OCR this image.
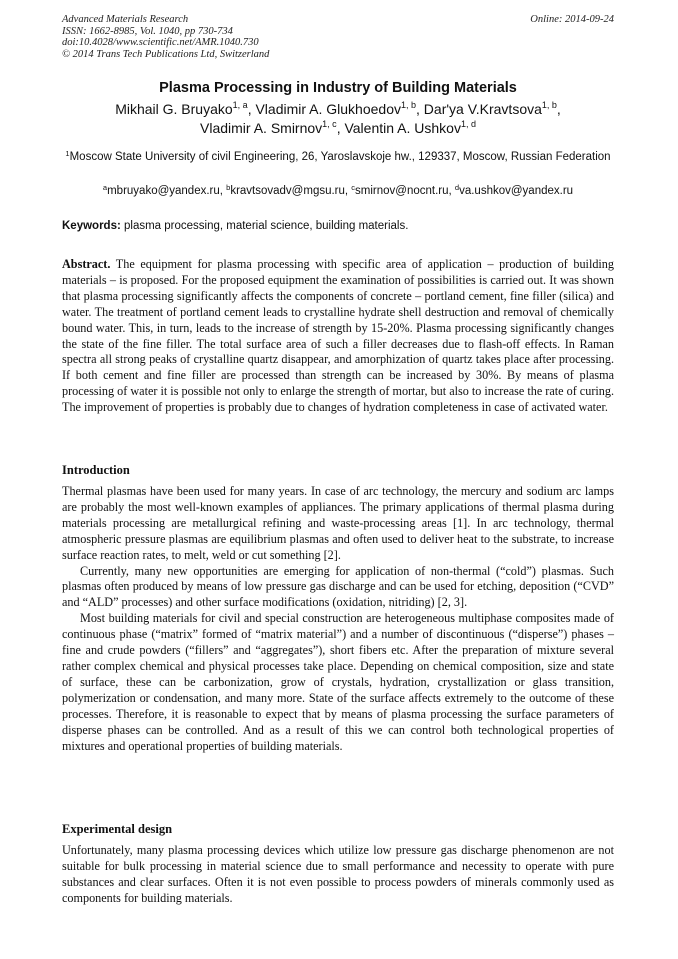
Advanced Materials Research
ISSN: 1662-8985, Vol. 1040, pp 730-734
doi:10.4028/www.scientific.net/AMR.1040.730
© 2014 Trans Tech Publications Ltd, Switzerland
Online: 2014-09-24
Plasma Processing in Industry of Building Materials
Mikhail G. Bruyako$^{1, a}$, Vladimir A. Glukhoedov$^{1, b}$, Dar'ya V.Kravtsova$^{1, b}$,
Vladimir A. Smirnov$^{1, c}$, Valentin A. Ushkov$^{1, d}$
$^1$Moscow State University of civil Engineering, 26, Yaroslavskoje hw., 129337, Moscow, Russian Federation
$^a$mbruyako@yandex.ru, $^b$kravtsovadv@mgsu.ru, $^c$smirnov@nocnt.ru, $^d$va.ushkov@yandex.ru
Keywords: plasma processing, material science, building materials.
Abstract. The equipment for plasma processing with specific area of application – production of building materials – is proposed. For the proposed equipment the examination of possibilities is carried out. It was shown that plasma processing significantly affects the components of concrete – portland cement, fine filler (silica) and water. The treatment of portland cement leads to crystalline hydrate shell destruction and removal of chemically bound water. This, in turn, leads to the increase of strength by 15-20%. Plasma processing significantly changes the state of the fine filler. The total surface area of such a filler decreases due to flash-off effects. In Raman spectra all strong peaks of crystalline quartz disappear, and amorphization of quartz takes place after processing. If both cement and fine filler are processed than strength can be increased by 30%. By means of plasma processing of water it is possible not only to enlarge the strength of mortar, but also to increase the rate of curing. The improvement of properties is probably due to changes of hydration completeness in case of activated water.
Introduction

Thermal plasmas have been used for many years. In case of arc technology, the mercury and sodium arc lamps are probably the most well-known examples of appliances. The primary applications of thermal plasma during materials processing are metallurgical refining and waste-processing areas [1]. In arc technology, thermal atmospheric pressure plasmas are equilibrium plasmas and often used to deliver heat to the substrate, to increase surface reaction rates, to melt, weld or cut something [2].

Currently, many new opportunities are emerging for application of non-thermal (“cold”) plasmas. Such plasmas often produced by means of low pressure gas discharge and can be used for etching, deposition (“CVD” and “ALD” processes) and other surface modifications (oxidation, nitriding) [2, 3].

Most building materials for civil and special construction are heterogeneous multiphase composites made of continuous phase (“matrix” formed of “matrix material”) and a number of discontinuous (“disperse”) phases – fine and crude powders (“fillers” and “aggregates”), short fibers etc. After the preparation of mixture several rather complex chemical and physical processes take place. Depending on chemical composition, size and state of surface, these can be carbonization, grow of crystals, hydration, crystallization or glass transition, polymerization or condensation, and many more. State of the surface affects extremely to the outcome of these processes. Therefore, it is reasonable to expect that by means of plasma processing the surface parameters of disperse phases can be controlled. And as a result of this we can control both technological properties of mixtures and operational properties of building materials.

Experimental design

Unfortunately, many plasma processing devices which utilize low pressure gas discharge phenomenon are not suitable for bulk processing in material science due to small performance and necessity to operate with pure substances and clear surfaces. Often it is not even possible to process powders of minerals commonly used as components for building materials.
